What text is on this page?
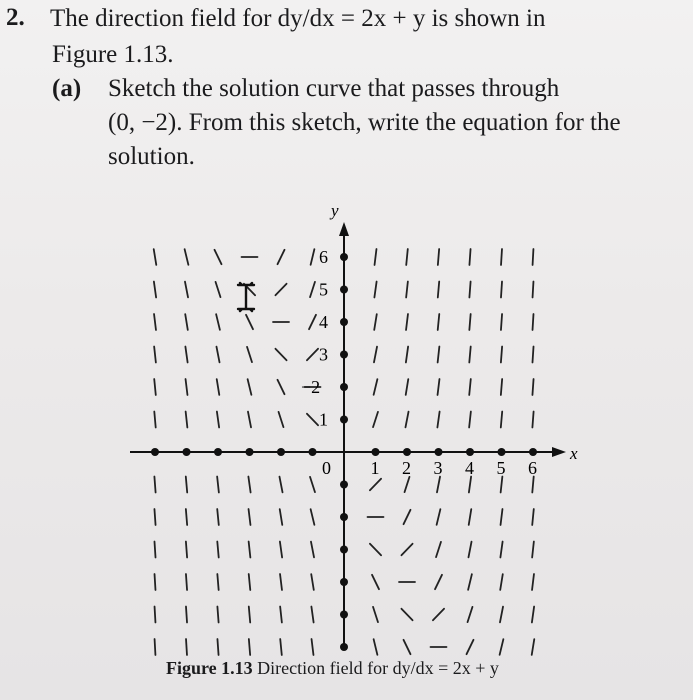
2. The direction field for dy/dx = 2x + y is shown in
Figure 1.13.
(a) Sketch the solution curve that passes through
(0, −2). From this sketch, write the equation for the
solution.
x
y
0 1 2 3 4 5 6
1
3
4
5
6
−2
Figure 1.13 Direction field for dy/dx = 2x + y
